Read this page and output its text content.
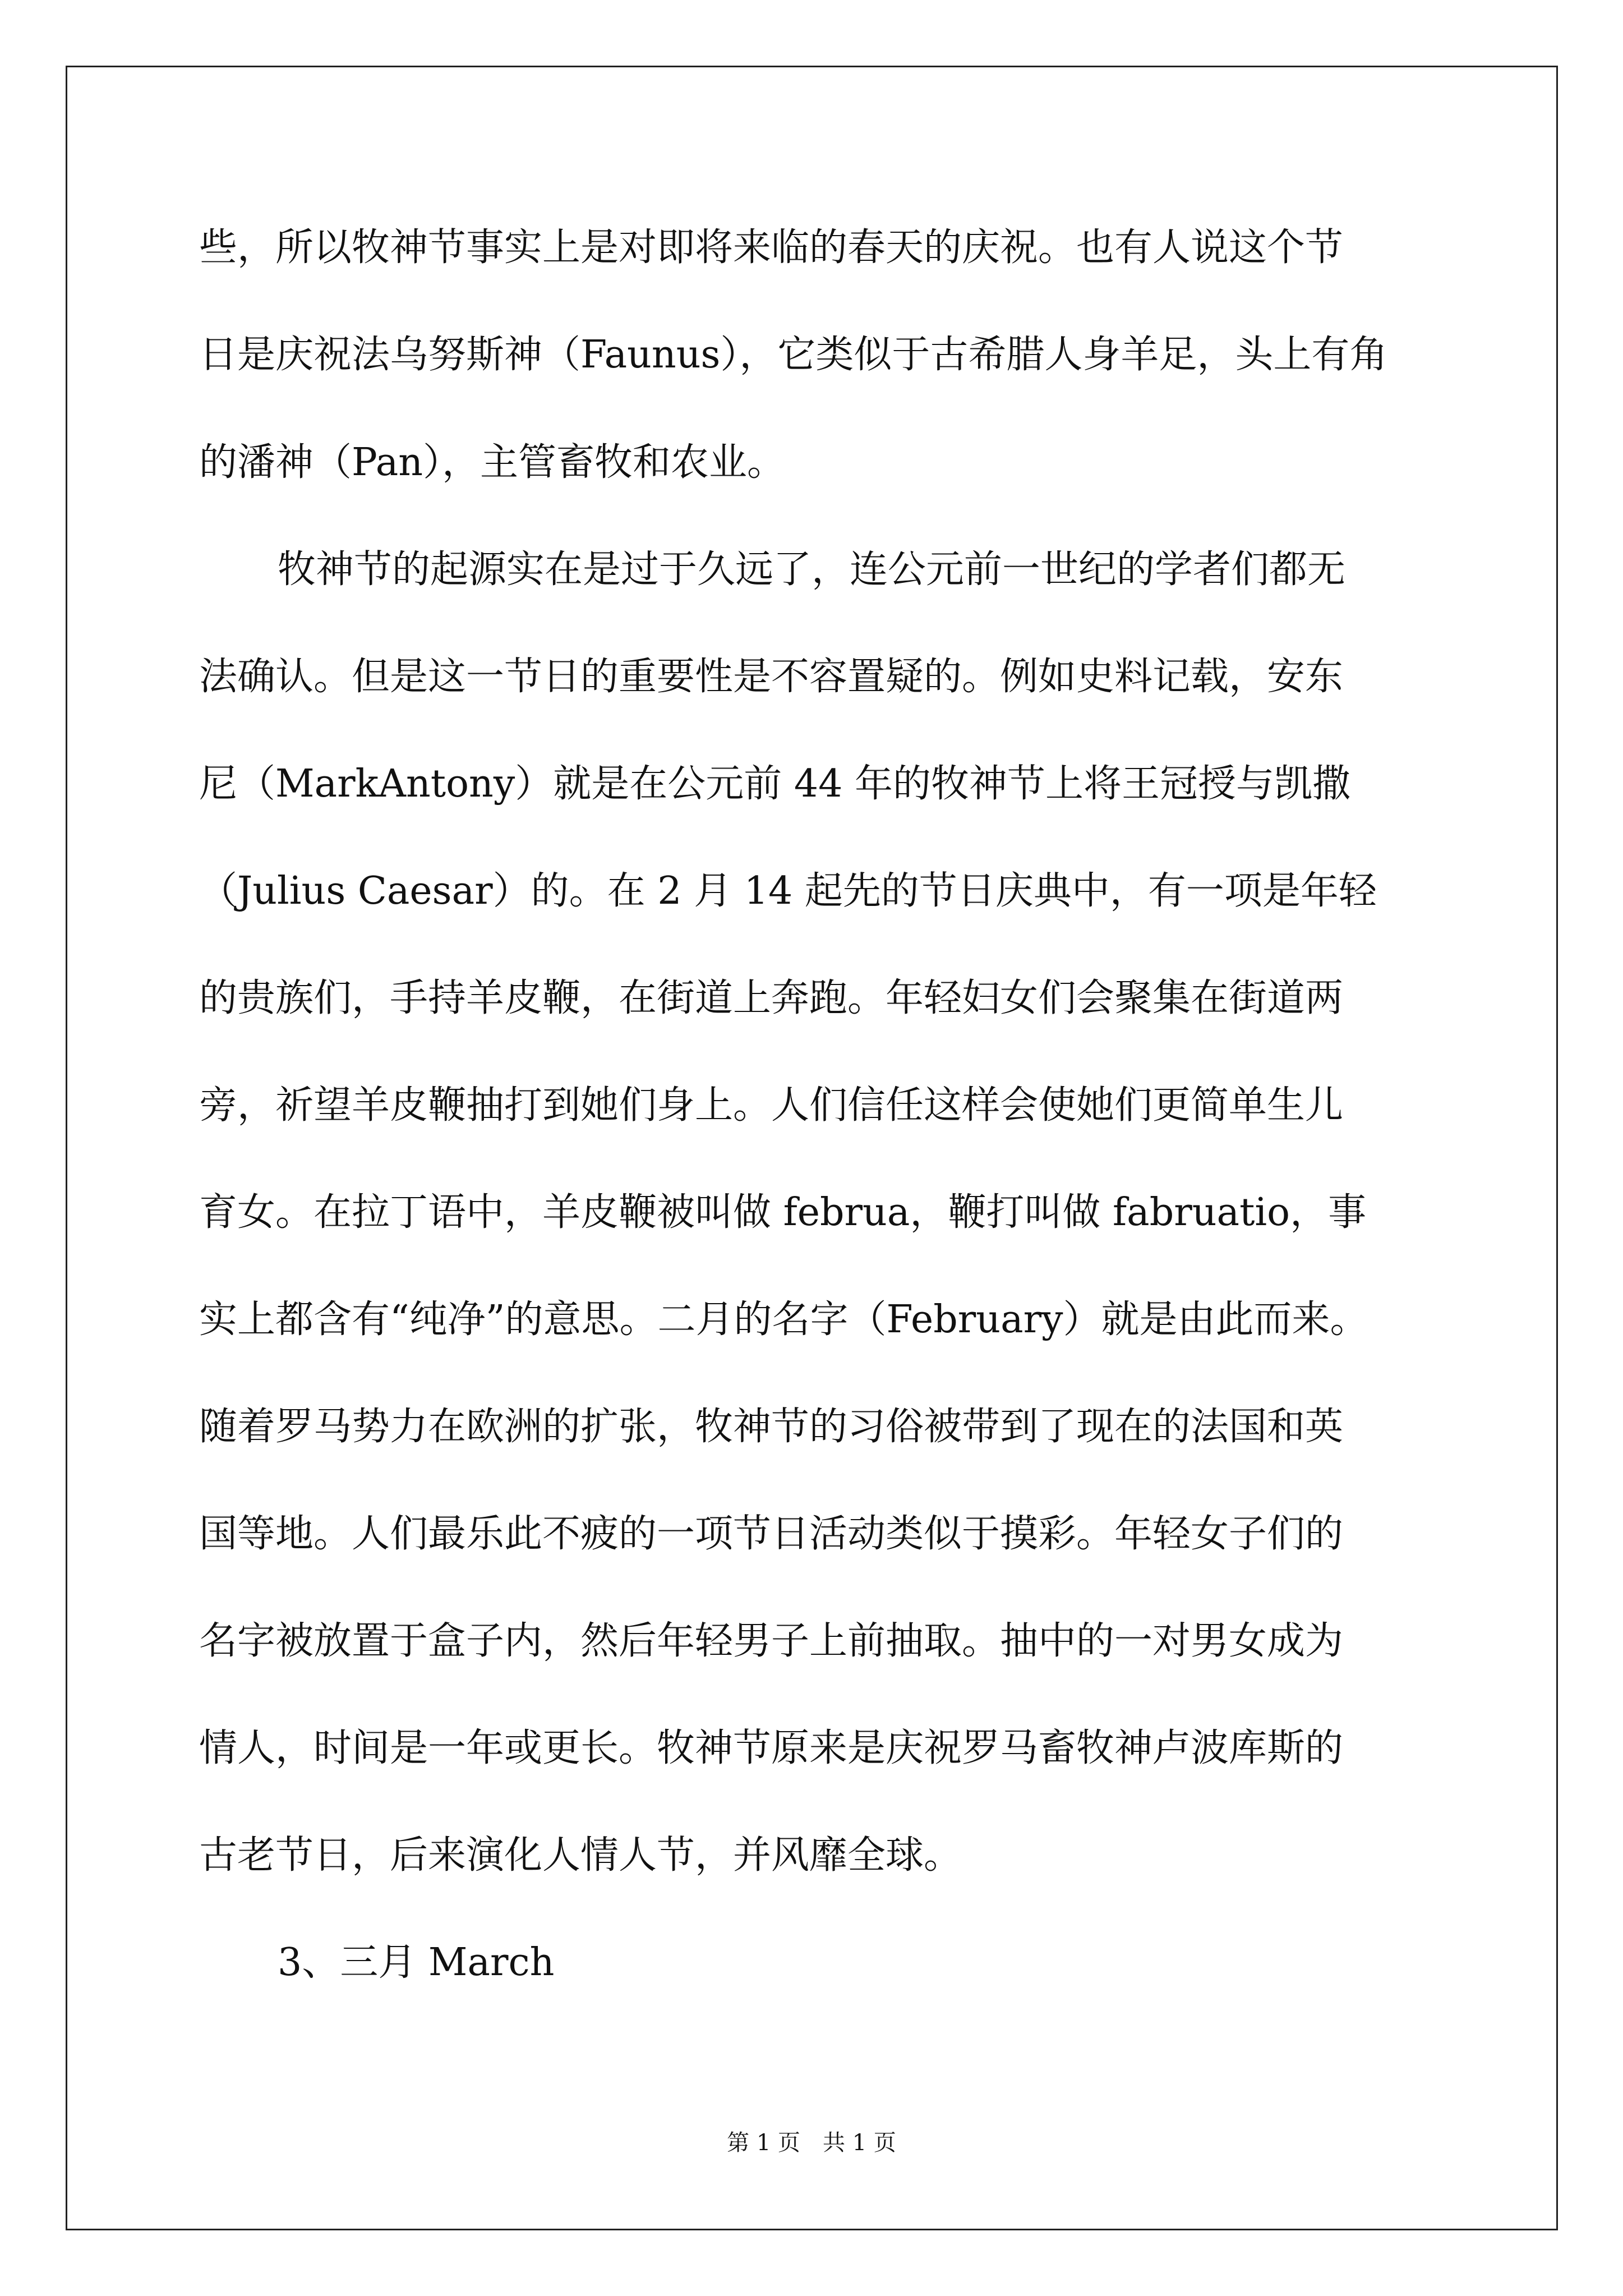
些，所以牧神节事实上是对即将来临的春天的庆祝。也有人说这个节
日是庆祝法乌努斯神（Faunus），它类似于古希腊人身羊足，头上有角
的潘神（Pan），主管畜牧和农业。
牧神节的起源实在是过于久远了，连公元前一世纪的学者们都无
法确认。但是这一节日的重要性是不容置疑的。例如史料记载，安东
尼（MarkAntony）就是在公元前 44 年的牧神节上将王冠授与凯撒
（Julius Caesar）的。在 2 月 14 起先的节日庆典中，有一项是年轻
的贵族们，手持羊皮鞭，在街道上奔跑。年轻妇女们会聚集在街道两
旁，祈望羊皮鞭抽打到她们身上。人们信任这样会使她们更简单生儿
育女。在拉丁语中，羊皮鞭被叫做 februa，鞭打叫做 fabruatio，事
实上都含有“纯净”的意思。二月的名字（February）就是由此而来。
随着罗马势力在欧洲的扩张，牧神节的习俗被带到了现在的法国和英
国等地。人们最乐此不疲的一项节日活动类似于摸彩。年轻女子们的
名字被放置于盒子内，然后年轻男子上前抽取。抽中的一对男女成为
情人，时间是一年或更长。牧神节原来是庆祝罗马畜牧神卢波库斯的
古老节日，后来演化人情人节，并风靡全球。
3、三月 March
第 1 页　共 1 页
